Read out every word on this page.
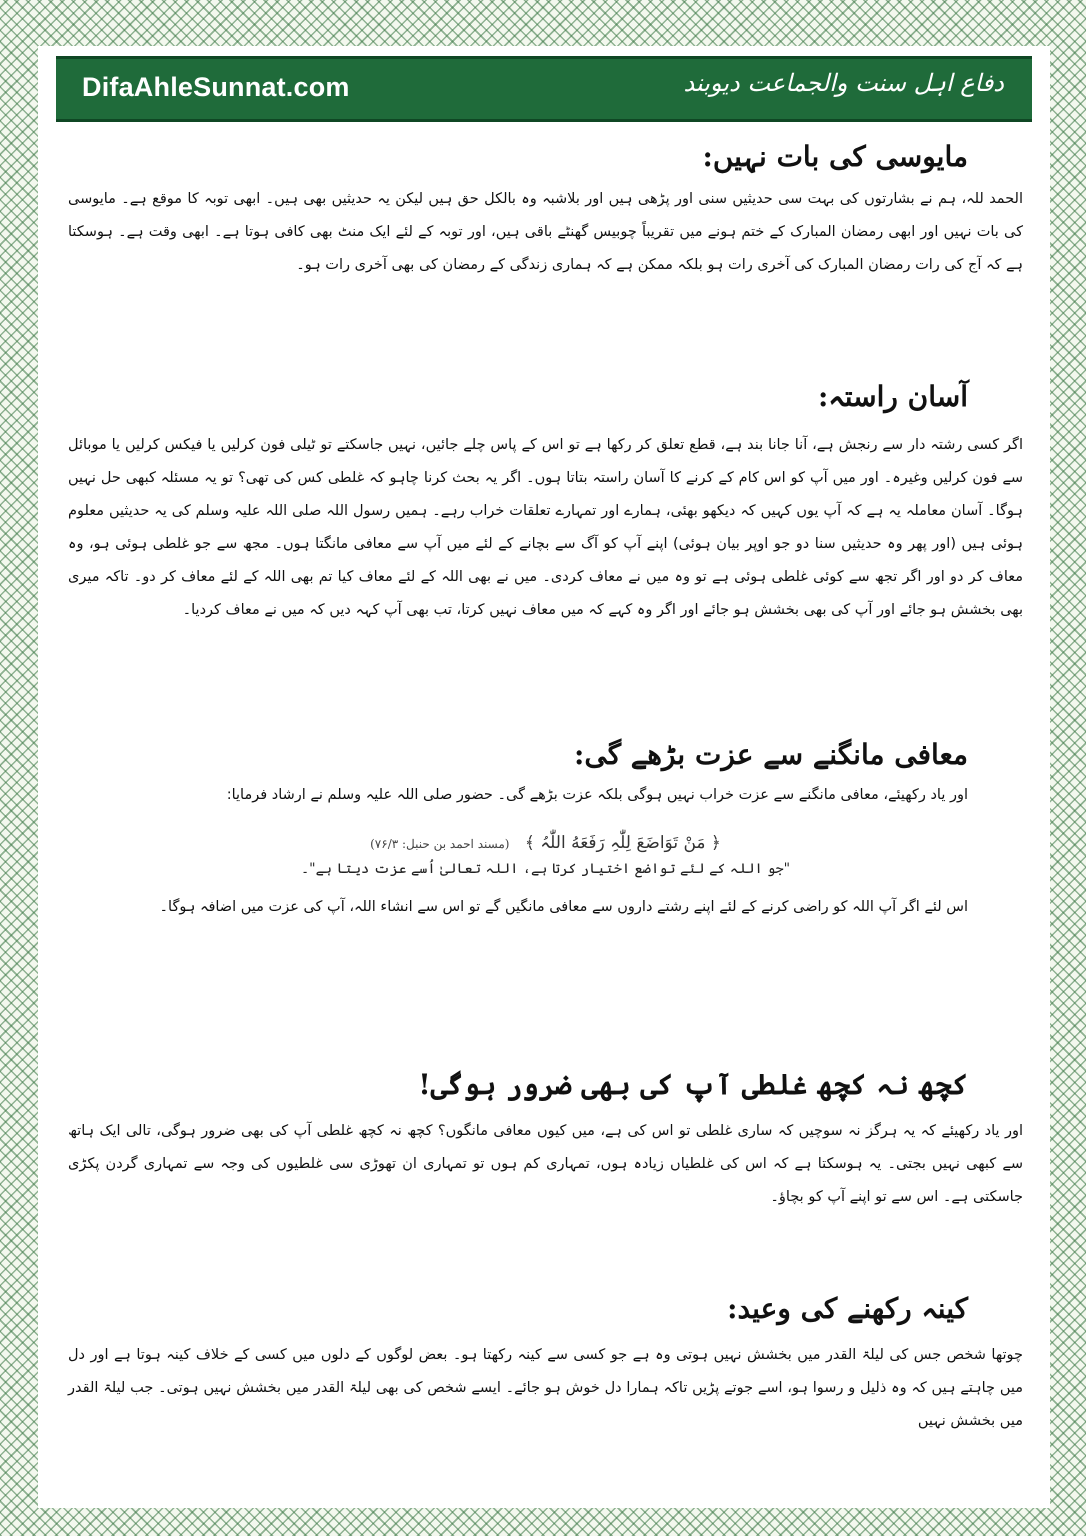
DifaAhleSunnat.com	دفاع اہل سنت والجماعت دیوبند
مایوسی کی بات نہیں:

الحمد للہ، ہم نے بشارتوں کی بہت سی حدیثیں سنی اور پڑھی ہیں اور بلاشبہ وہ بالکل حق ہیں لیکن یہ حدیثیں بھی ہیں۔ ابھی توبہ کا موقع ہے۔ مایوسی کی بات نہیں اور ابھی رمضان المبارک کے ختم ہونے میں تقریباً چوبیس گھنٹے باقی ہیں، اور توبہ کے لئے ایک منٹ بھی کافی ہوتا ہے۔ ابھی وقت ہے۔ ہوسکتا ہے کہ آج کی رات رمضان المبارک کی آخری رات ہو بلکہ ممکن ہے کہ ہماری زندگی کے رمضان کی بھی آخری رات ہو۔

آسان راستہ:

اگر کسی رشتہ دار سے رنجش ہے، آنا جانا بند ہے، قطع تعلق کر رکھا ہے تو اس کے پاس چلے جائیں، نہیں جاسکتے تو ٹیلی فون کرلیں یا فیکس کرلیں یا موبائل سے فون کرلیں وغیرہ۔ اور میں آپ کو اس کام کے کرنے کا آسان راستہ بتاتا ہوں۔ اگر یہ بحث کرنا چاہو کہ غلطی کس کی تھی؟ تو یہ مسئلہ کبھی حل نہیں ہوگا۔ آسان معاملہ یہ ہے کہ آپ یوں کہیں کہ دیکھو بھئی، ہمارے اور تمہارے تعلقات خراب رہے۔ ہمیں رسول اللہ صلی اللہ علیہ وسلم کی یہ حدیثیں معلوم ہوئی ہیں (اور پھر وہ حدیثیں سنا دو جو اوپر بیان ہوئی) اپنے آپ کو آگ سے بچانے کے لئے میں آپ سے معافی مانگتا ہوں۔ مجھ سے جو غلطی ہوئی ہو، وہ معاف کر دو اور اگر تجھ سے کوئی غلطی ہوئی ہے تو وہ میں نے معاف کردی۔ میں نے بھی اللہ کے لئے معاف کیا تم بھی اللہ کے لئے معاف کر دو۔ تاکہ میری بھی بخشش ہو جائے اور آپ کی بھی بخشش ہو جائے اور اگر وہ کہے کہ میں معاف نہیں کرتا، تب بھی آپ کہہ دیں کہ میں نے معاف کردیا۔

معافی مانگنے سے عزت بڑھے گی:

اور یاد رکھیئے، معافی مانگنے سے عزت خراب نہیں ہوگی بلکہ عزت بڑھے گی۔ حضور صلی اللہ علیہ وسلم نے ارشاد فرمایا:

﴿ مَنْ تَوَاضَعَ لِلّٰہِ رَفَعَهُ اللّٰہُ ﴾ (مسند احمد بن حنبل: ۷۶/۳)

"جو اللہ کے لئے تواضع اختیار کرتا ہے، اللہ تعالیٰ اُسے عزت دیتا ہے"۔

اس لئے اگر آپ اللہ کو راضی کرنے کے لئے اپنے رشتے داروں سے معافی مانگیں گے تو اس سے انشاء اللہ، آپ کی عزت میں اضافہ ہوگا۔

کچھ نہ کچھ غلطی آپ کی بھی ضرور ہوگی!

اور یاد رکھیئے کہ یہ ہرگز نہ سوچیں کہ ساری غلطی تو اس کی ہے، میں کیوں معافی مانگوں؟ کچھ نہ کچھ غلطی آپ کی بھی ضرور ہوگی، تالی ایک ہاتھ سے کبھی نہیں بجتی۔ یہ ہوسکتا ہے کہ اس کی غلطیاں زیادہ ہوں، تمہاری کم ہوں تو تمہاری ان تھوڑی سی غلطیوں کی وجہ سے تمہاری گردن پکڑی جاسکتی ہے۔ اس سے تو اپنے آپ کو بچاؤ۔

کینہ رکھنے کی وعید:

چوتھا شخص جس کی لیلۃ القدر میں بخشش نہیں ہوتی وہ ہے جو کسی سے کینہ رکھتا ہو۔ بعض لوگوں کے دلوں میں کسی کے خلاف کینہ ہوتا ہے اور دل میں چاہتے ہیں کہ وہ ذلیل و رسوا ہو، اسے جوتے پڑیں تاکہ ہمارا دل خوش ہو جائے۔ ایسے شخص کی بھی لیلۃ القدر میں بخشش نہیں ہوتی۔ جب لیلۃ القدر میں بخشش نہیں
